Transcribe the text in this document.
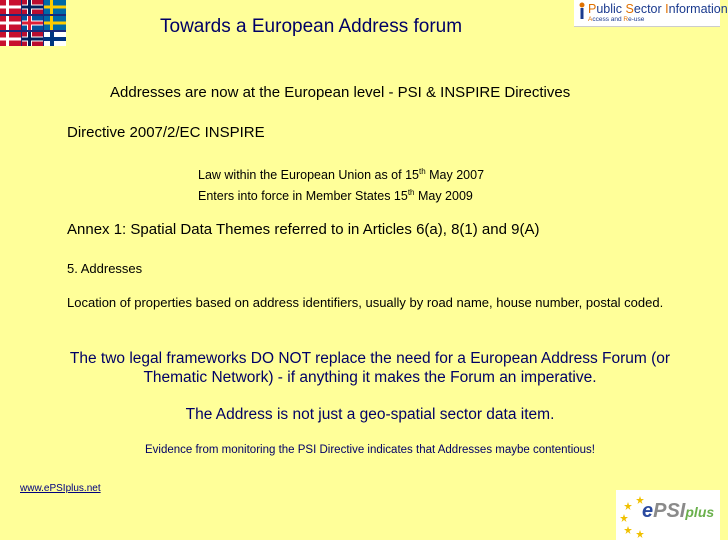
Towards a European Address forum
Public Sector Information
Access and Re-use
Addresses are now at the European level - PSI & INSPIRE Directives
Directive 2007/2/EC INSPIRE
Law within the European Union as of 15th May 2007
Enters into force in Member States 15th May 2009
Annex 1: Spatial Data Themes referred to in Articles 6(a), 8(1) and 9(A)
5. Addresses
Location of properties based on address identifiers, usually by road name, house number, postal coded.
The two legal frameworks DO NOT replace the need for a European Address Forum (or Thematic Network) - if anything it makes the Forum an imperative.
The Address is not just a geo-spatial sector data item.
Evidence from monitoring the PSI Directive indicates that Addresses maybe contentious!
www.ePSIplus.net
ePSIplus
